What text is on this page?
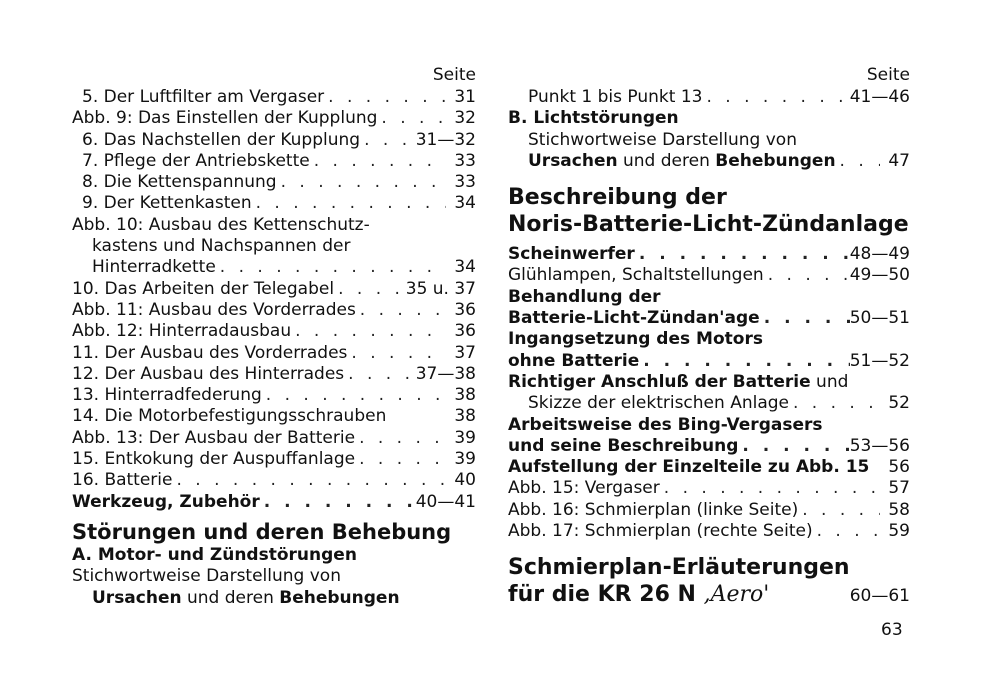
Seite
5. Der Luftfilter am Vergaser . . .	31
Abb. 9: Das Einstellen der Kupplung . . .	32
6. Das Nachstellen der Kupplung . . .	31—32
7. Pflege der Antriebskette . . .	33
8. Die Kettenspannung . . .	33
9. Der Kettenkasten . . .	34
Abb. 10: Ausbau des Kettenschutz-
kastens und Nachspannen der
Hinterradkette . . .	34
10. Das Arbeiten der Telegabel . . .	35 u. 37
Abb. 11: Ausbau des Vorderrades . . .	36
Abb. 12: Hinterradausbau . . .	36
11. Der Ausbau des Vorderrades . . .	37
12. Der Ausbau des Hinterrades . . .	37—38
13. Hinterradfederung . . .	38
14. Die Motorbefestigungsschrauben	38
Abb. 13: Der Ausbau der Batterie . . .	39
15. Entkokung der Auspuffanlage . . .	39
16. Batterie . . .	40
Werkzeug, Zubehör . . .	40—41
Störungen und deren Behebung
A. Motor- und Zündstörungen
Stichwortweise Darstellung von
Ursachen und deren Behebungen
Seite
Punkt 1 bis Punkt 13 . . .	41—46
B. Lichtstörungen
Stichwortweise Darstellung von
Ursachen und deren Behebungen . . .	47
Beschreibung der
Noris-Batterie-Licht-Zündanlage
Scheinwerfer . . .	48—49
Glühlampen, Schaltstellungen . . .	49—50
Behandlung der
Batterie-Licht-Zündan'age . . .	50—51
Ingangsetzung des Motors
ohne Batterie . . .	51—52
Richtiger Anschluß der Batterie und
Skizze der elektrischen Anlage . . .	52
Arbeitsweise des Bing-Vergasers
und seine Beschreibung . . .	53—56
Aufstellung der Einzelteile zu Abb. 15	56
Abb. 15: Vergaser . . .	57
Abb. 16: Schmierplan (linke Seite) . . .	58
Abb. 17: Schmierplan (rechte Seite) . . .	59
Schmierplan-Erläuterungen
für die KR 26 N ,Aero'	60—61
63
